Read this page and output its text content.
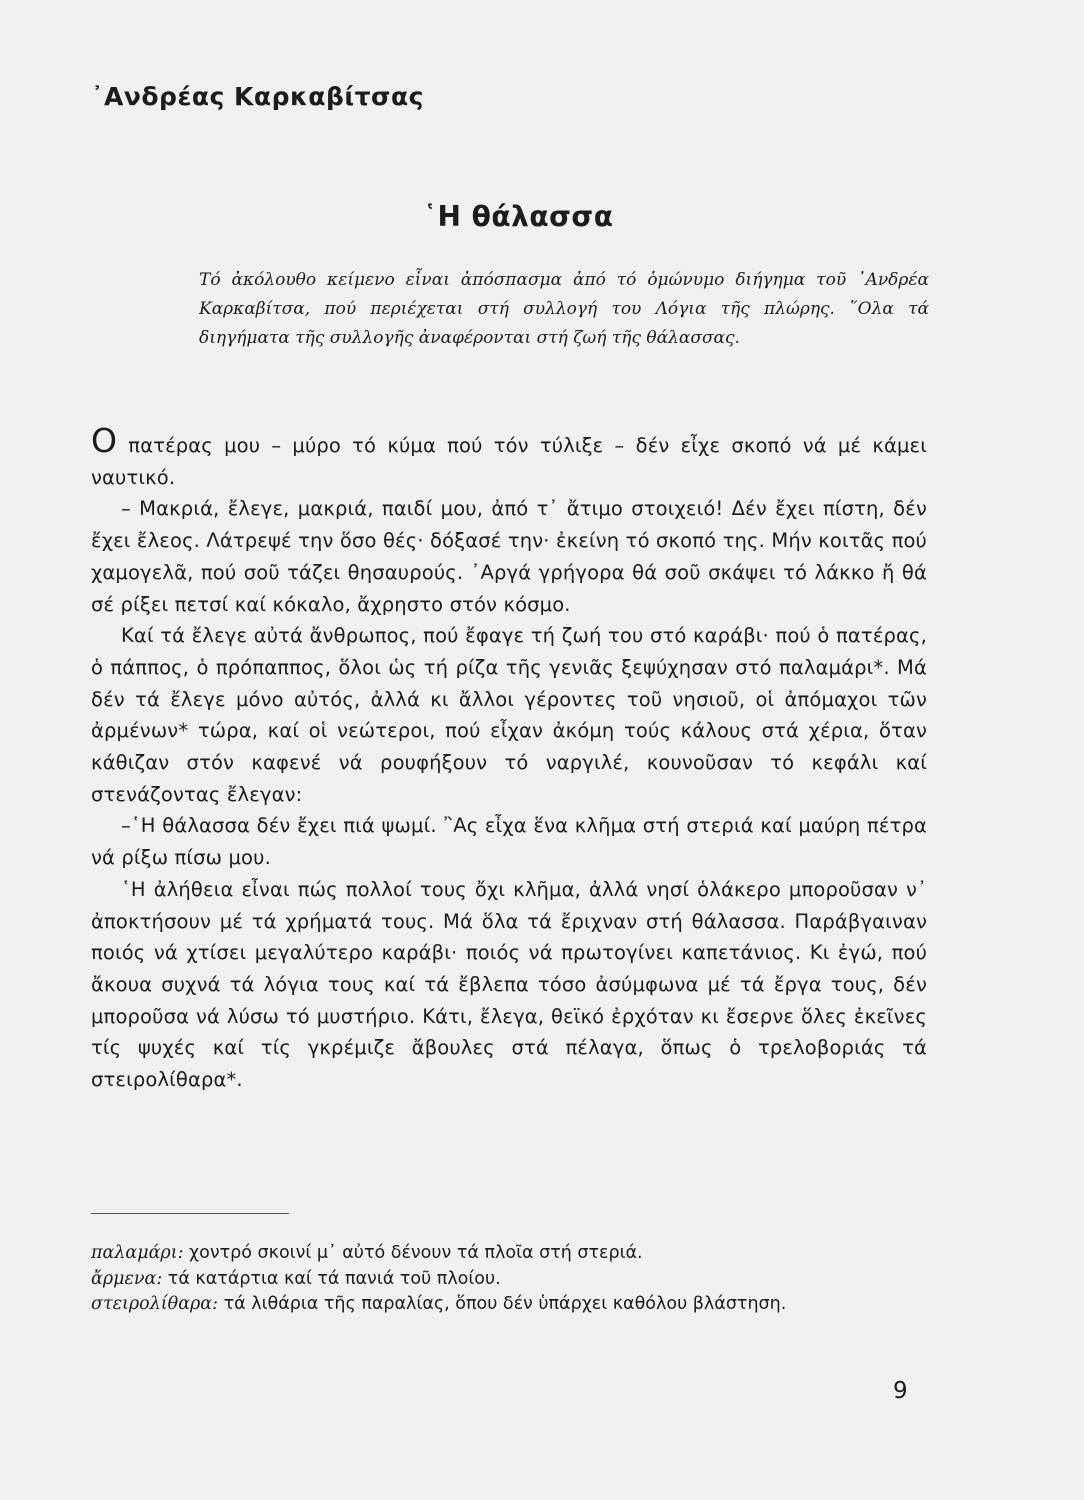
᾿Ανδρέας Καρκαβίτσας
῾Η θάλασσα

Τό ἀκόλουθο κείμενο εἶναι ἀπόσπασμα ἀπό τό ὁμώνυμο διήγημα τοῦ ᾿Ανδρέα Καρκαβίτσα, πού περιέχεται στή συλλογή του Λόγια τῆς πλώρης. ῞Ολα τά διηγήματα τῆς συλλογῆς ἀναφέρονται στή ζωή τῆς θάλασσας.

Ο πατέρας μου – μύρο τό κύμα πού τόν τύλιξε – δέν εἶχε σκοπό νά μέ κάμει ναυτικό.

– Μακριά, ἔλεγε, μακριά, παιδί μου, ἀπό τ᾿ ἄτιμο στοιχειό! Δέν ἔχει πίστη, δέν ἔχει ἔλεος. Λάτρεψέ την ὅσο θές· δόξασέ την· ἐκείνη τό σκοπό της. Μήν κοιτᾶς πού χαμογελᾶ, πού σοῦ τάζει θησαυρούς. ᾿Αργά γρήγορα θά σοῦ σκάψει τό λάκκο ἤ θά σέ ρίξει πετσί καί κόκαλο, ἄχρηστο στόν κόσμο.

Καί τά ἔλεγε αὐτά ἄνθρωπος, πού ἔφαγε τή ζωή του στό καράβι· πού ὁ πατέρας, ὁ πάππος, ὁ πρόπαππος, ὅλοι ὡς τή ρίζα τῆς γενιᾶς ξεψύχησαν στό παλαμάρι*. Μά δέν τά ἔλεγε μόνο αὐτός, ἀλλά κι ἄλλοι γέροντες τοῦ νησιοῦ, οἱ ἀπόμαχοι τῶν ἀρμένων* τώρα, καί οἱ νεώτεροι, πού εἶχαν ἀκόμη τούς κάλους στά χέρια, ὅταν κάθιζαν στόν καφενέ νά ρουφήξουν τό ναργιλέ, κουνοῦσαν τό κεφάλι καί στενάζοντας ἔλεγαν:

–῾Η θάλασσα δέν ἔχει πιά ψωμί. ῍Ας εἶχα ἕνα κλῆμα στή στεριά καί μαύρη πέτρα νά ρίξω πίσω μου.

῾Η ἀλήθεια εἶναι πώς πολλοί τους ὄχι κλῆμα, ἀλλά νησί ὁλάκερο μποροῦσαν ν᾿ ἀποκτήσουν μέ τά χρήματά τους. Μά ὅλα τά ἔριχναν στή θάλασσα. Παράβγαιναν ποιός νά χτίσει μεγαλύτερο καράβι· ποιός νά πρωτογίνει καπετάνιος. Κι ἐγώ, πού ἄκουα συχνά τά λόγια τους καί τά ἔβλεπα τόσο ἀσύμφωνα μέ τά ἔργα τους, δέν μποροῦσα νά λύσω τό μυστήριο. Κάτι, ἔλεγα, θεϊκό ἐρχόταν κι ἔσερνε ὅλες ἐκεῖνες τίς ψυχές καί τίς γκρέμιζε ἄβουλες στά πέλαγα, ὅπως ὁ τρελοβοριάς τά στειρολίθαρα*.

παλαμάρι: χοντρό σκοινί μ᾿ αὐτό δένουν τά πλοῖα στή στεριά.

ἄρμενα: τά κατάρτια καί τά πανιά τοῦ πλοίου.

στειρολίθαρα: τά λιθάρια τῆς παραλίας, ὅπου δέν ὑπάρχει καθόλου βλάστηση.

9
